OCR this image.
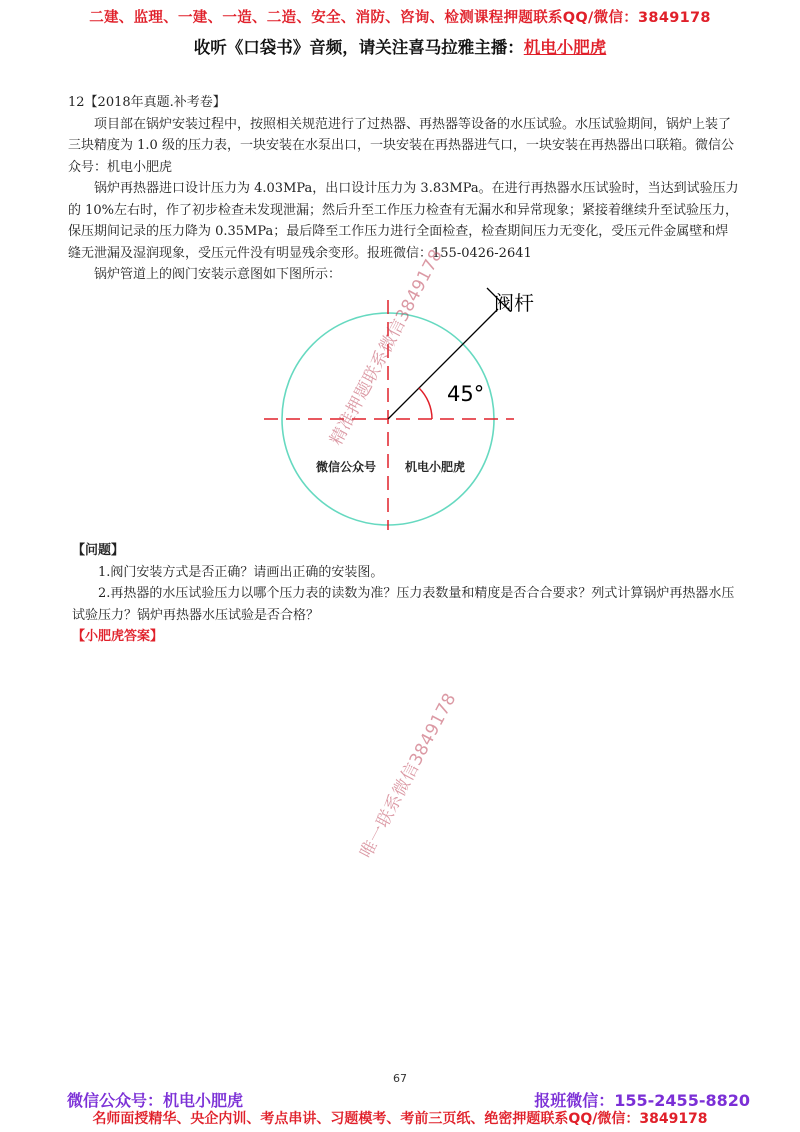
二建、监理、一建、一造、二造、安全、消防、咨询、检测课程押题联系QQ/微信：3849178
收听《口袋书》音频，请关注喜马拉雅主播：机电小肥虎

12【2018年真题.补考卷】

项目部在锅炉安装过程中，按照相关规范进行了过热器、再热器等设备的水压试验。水压试验期间，锅炉上装了三块精度为 1.0 级的压力表，一块安装在水泵出口，一块安装在再热器进气口，一块安装在再热器出口联箱。微信公众号：机电小肥虎

锅炉再热器进口设计压力为 4.03MPa，出口设计压力为 3.83MPa。在进行再热器水压试验时，当达到试验压力的 10%左右时，作了初步检查未发现泄漏；然后升至工作压力检查有无漏水和异常现象；紧接着继续升至试验压力，保压期间记录的压力降为 0.35MPa；最后降至工作压力进行全面检查，检查期间压力无变化，受压元件金属壁和焊缝无泄漏及湿润现象，受压元件没有明显残余变形。报班微信：155-0426-2641

锅炉管道上的阀门安装示意图如下图所示：

阀杆
45°
微信公众号 机电小肥虎
精准押题联系微信3849178

【问题】

1.阀门安装方式是否正确？请画出正确的安装图。

2.再热器的水压试验压力以哪个压力表的读数为准？压力表数量和精度是否合合要求？列式计算锅炉再热器水压试验压力？锅炉再热器水压试验是否合格？

【小肥虎答案】

唯一联系微信3849178
67
微信公众号：机电小肥虎	报班微信：155-2455-8820
名师面授精华、央企内训、考点串讲、习题模考、考前三页纸、绝密押题联系QQ/微信：3849178
